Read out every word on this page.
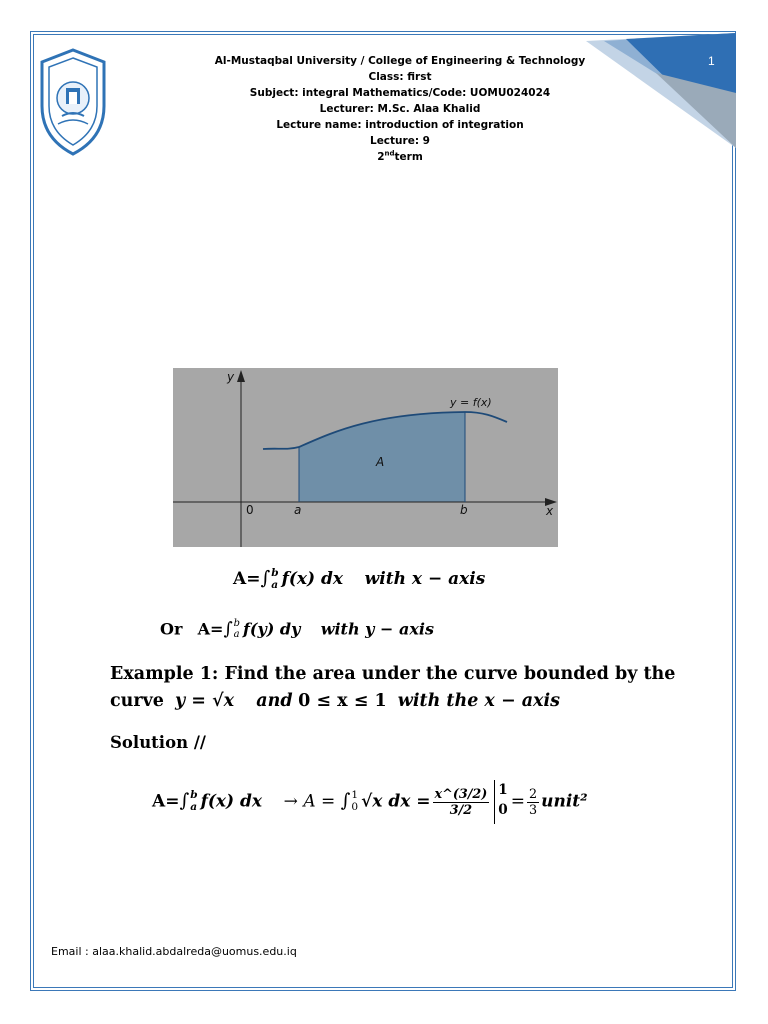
1
Al-Mustaqbal University / College of Engineering & Technology
Class: first
Subject: integral Mathematics/Code: UOMU024024
Lecturer: M.Sc. Alaa Khalid
Lecture name: introduction of integration
Lecture: 9
2ndterm
y
x
0	a	b
y = f(x)
A
A=∫ b
a f(x) dx with x − axis
Or A=∫ b
a f(y) dy with y − axis
Example 1: Find the area under the curve bounded by the
curve y = √x and 0 ≤ x ≤ 1 with the x − axis
Solution //
A=∫ b
a f(x) dx → A = ∫ 1
0 √x dx = $\frac{x\^{}(3/2)}{3/2} 1$
$0 = \frac{2}{3}$ unit²
Email : alaa.khalid.abdalreda@uomus.edu.iq
